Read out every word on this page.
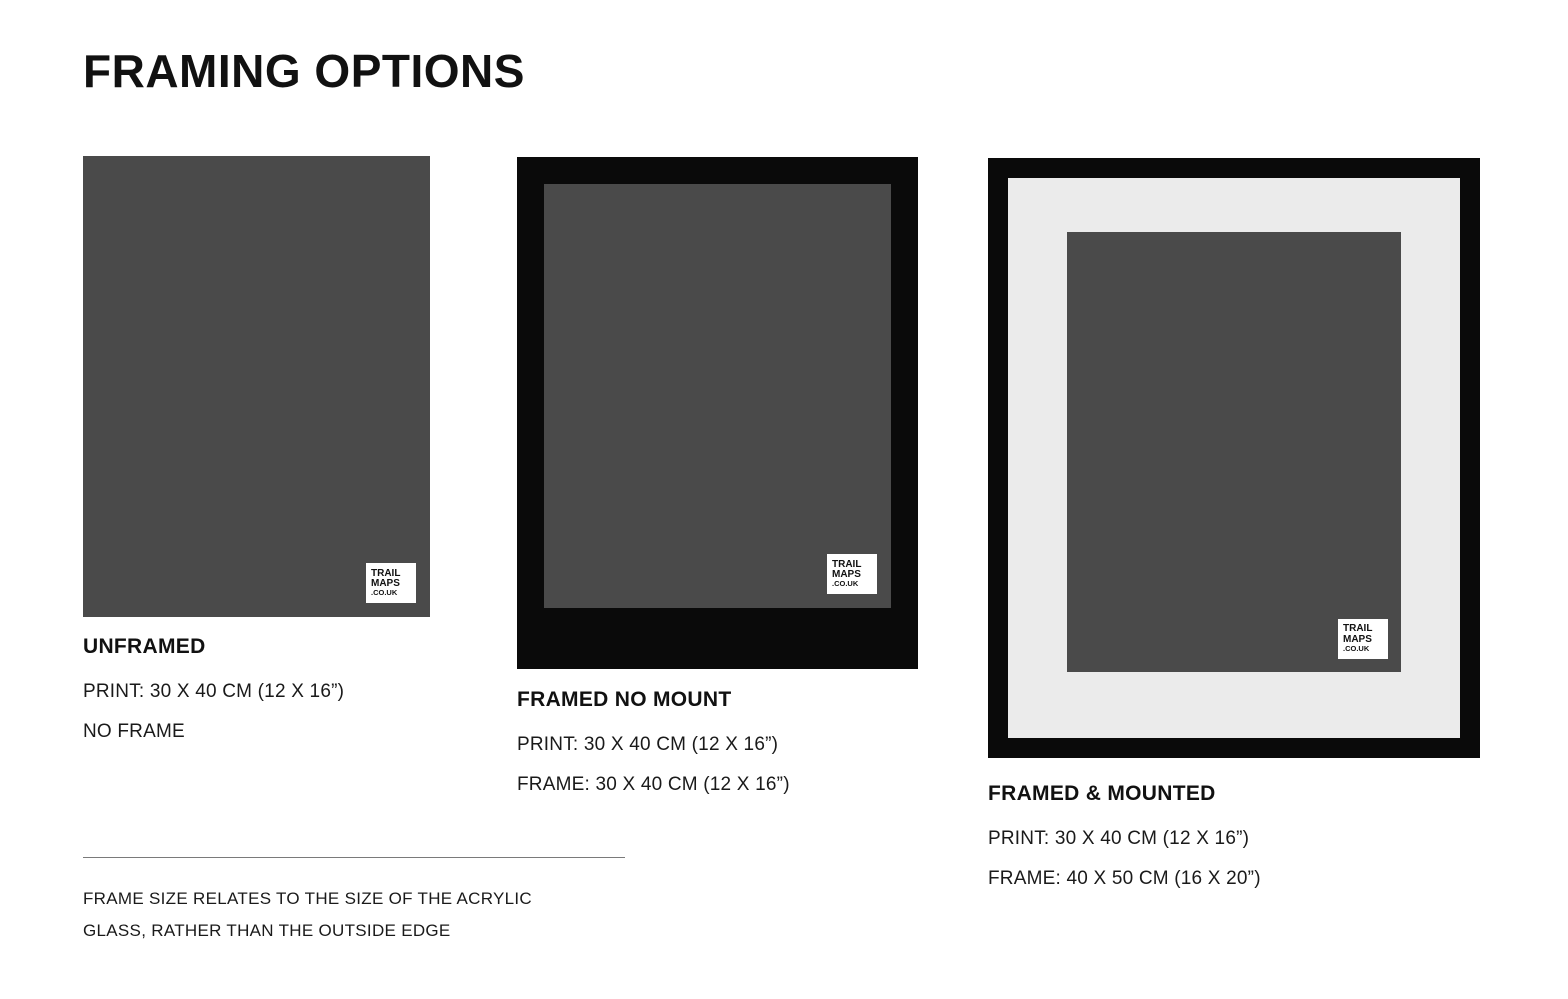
FRAMING OPTIONS
TRAIL
MAPS
.CO.UK
UNFRAMED
PRINT: 30 X 40 CM (12 X 16”)
NO FRAME
TRAIL
MAPS
.CO.UK
FRAMED NO MOUNT
PRINT: 30 X 40 CM (12 X 16”)
FRAME: 30 X 40 CM (12 X 16”)
TRAIL
MAPS
.CO.UK
FRAMED & MOUNTED
PRINT: 30 X 40 CM (12 X 16”)
FRAME: 40 X 50 CM (16 X 20”)
FRAME SIZE RELATES TO THE SIZE OF THE ACRYLIC
GLASS, RATHER THAN THE OUTSIDE EDGE
